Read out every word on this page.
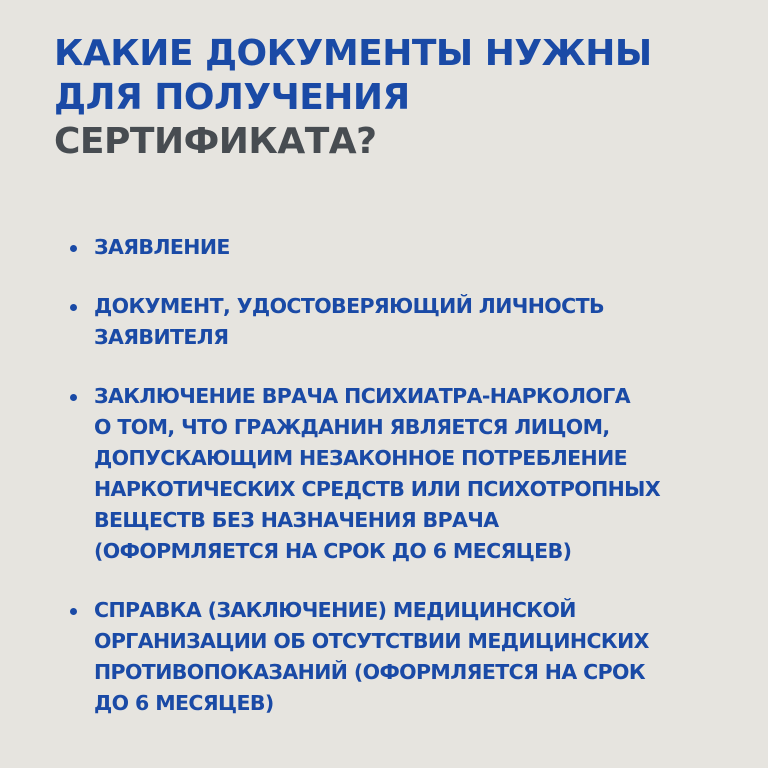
КАКИЕ ДОКУМЕНТЫ НУЖНЫ
ДЛЯ ПОЛУЧЕНИЯ
СЕРТИФИКАТА?
ЗАЯВЛЕНИЕ
ДОКУМЕНТ, УДОСТОВЕРЯЮЩИЙ ЛИЧНОСТЬ
ЗАЯВИТЕЛЯ
ЗАКЛЮЧЕНИЕ ВРАЧА ПСИХИАТРА-НАРКОЛОГА
О ТОМ, ЧТО ГРАЖДАНИН ЯВЛЯЕТСЯ ЛИЦОМ,
ДОПУСКАЮЩИМ НЕЗАКОННОЕ ПОТРЕБЛЕНИЕ
НАРКОТИЧЕСКИХ СРЕДСТВ ИЛИ ПСИХОТРОПНЫХ
ВЕЩЕСТВ БЕЗ НАЗНАЧЕНИЯ ВРАЧА
(ОФОРМЛЯЕТСЯ НА СРОК ДО 6 МЕСЯЦЕВ)
СПРАВКА (ЗАКЛЮЧЕНИЕ) МЕДИЦИНСКОЙ
ОРГАНИЗАЦИИ ОБ ОТСУТСТВИИ МЕДИЦИНСКИХ
ПРОТИВОПОКАЗАНИЙ (ОФОРМЛЯЕТСЯ НА СРОК
ДО 6 МЕСЯЦЕВ)
